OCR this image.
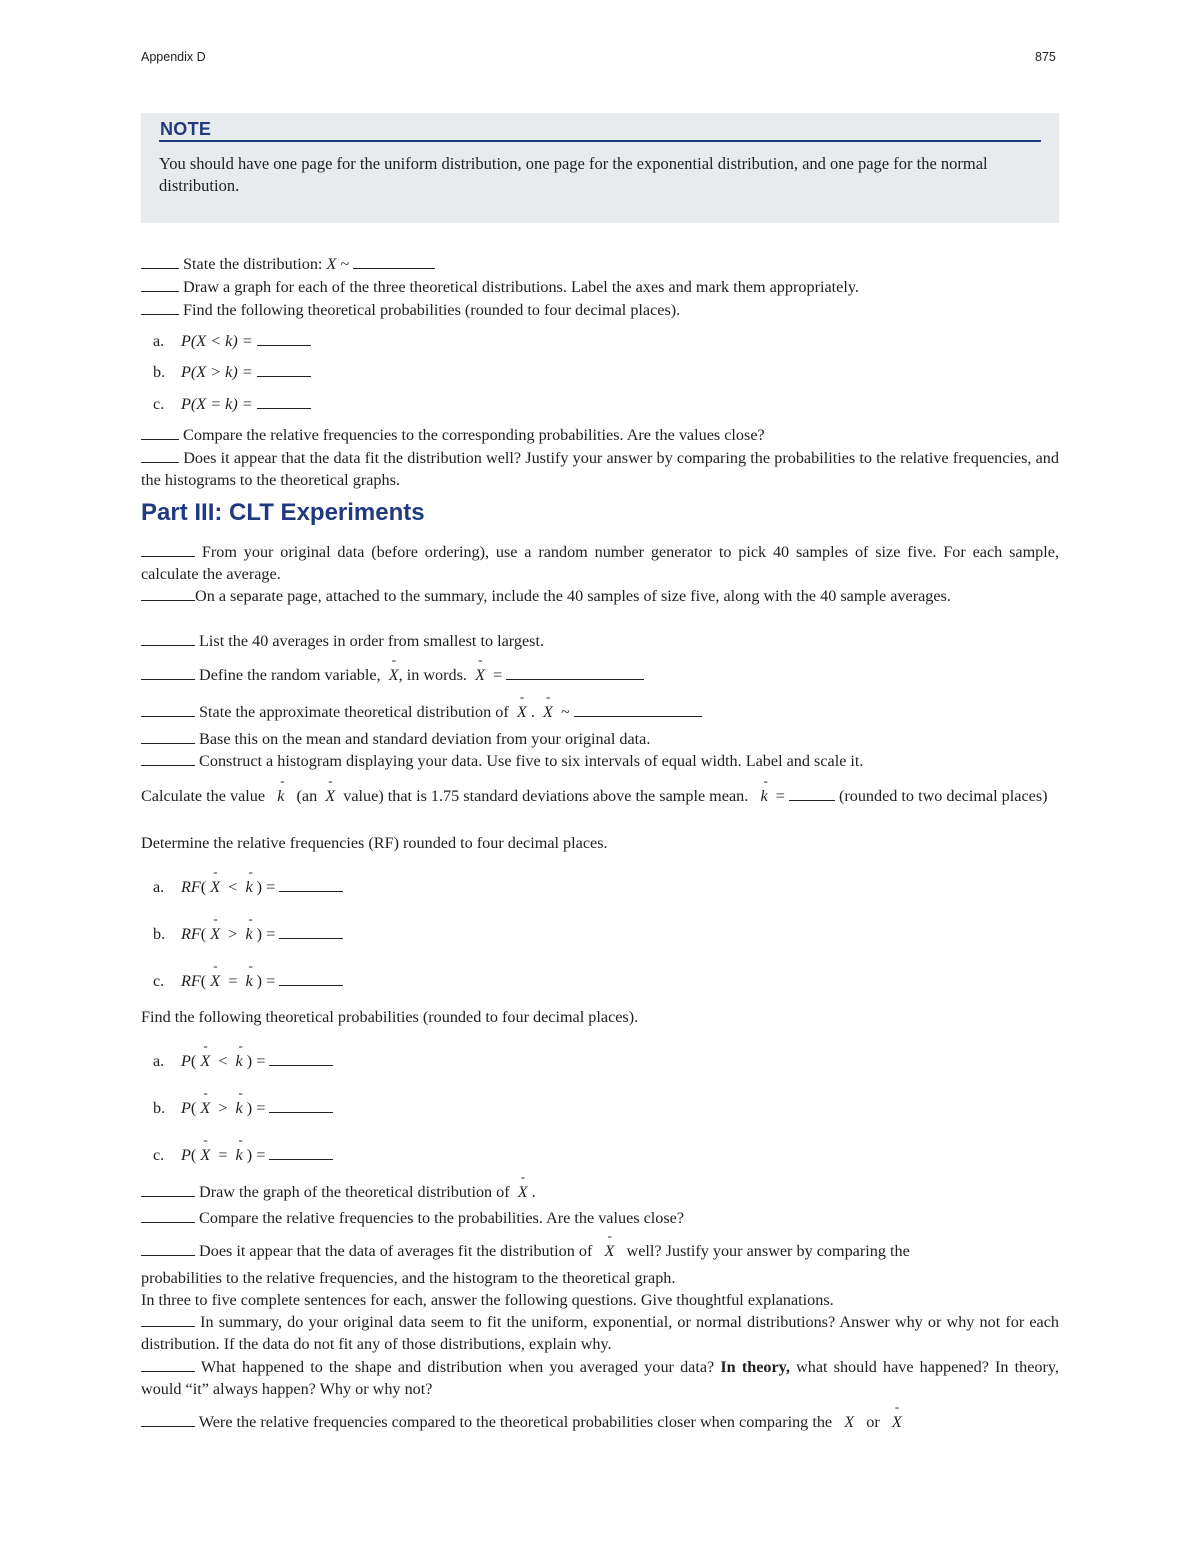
Appendix D	875
NOTE
You should have one page for the uniform distribution, one page for the exponential distribution, and one page for the normal distribution.
State the distribution: X ~
Draw a graph for each of the three theoretical distributions. Label the axes and mark them appropriately.
Find the following theoretical probabilities (rounded to four decimal places).
a. P(X < k) =
b. P(X > k) =
c. P(X = k) =
Compare the relative frequencies to the corresponding probabilities. Are the values close?
Does it appear that the data fit the distribution well? Justify your answer by comparing the probabilities to the relative frequencies, and the histograms to the theoretical graphs.
Part III: CLT Experiments
From your original data (before ordering), use a random number generator to pick 40 samples of size five. For each sample, calculate the average.
On a separate page, attached to the summary, include the 40 samples of size five, along with the 40 sample averages.
List the 40 averages in order from smallest to largest.
Define the random variable, - X, in words. - X  =
State the approximate theoretical distribution of - X .  - X  ~
Base this on the mean and standard deviation from your original data.
Construct a histogram displaying your data. Use five to six intervals of equal width. Label and scale it.
Calculate the value - k (an - X value) that is 1.75 standard deviations above the sample mean. - k  =	(rounded to two decimal places)
Determine the relative frequencies (RF) rounded to four decimal places.
a. RF( - X < - k ) =
b. RF( - X > - k ) =
c. RF( - X = - k ) =
Find the following theoretical probabilities (rounded to four decimal places).
a. P( - X < - k ) =
b. P( - X > - k ) =
c. P( - X = - k ) =
Draw the graph of the theoretical distribution of - X .
Compare the relative frequencies to the probabilities. Are the values close?
Does it appear that the data of averages fit the distribution of - X well? Justify your answer by comparing the
probabilities to the relative frequencies, and the histogram to the theoretical graph.
In three to five complete sentences for each, answer the following questions. Give thoughtful explanations.
In summary, do your original data seem to fit the uniform, exponential, or normal distributions? Answer why or why not for each distribution. If the data do not fit any of those distributions, explain why.
What happened to the shape and distribution when you averaged your data? In theory, what should have happened? In theory, would “it” always happen? Why or why not?
Were the relative frequencies compared to the theoretical probabilities closer when comparing the X or - X
